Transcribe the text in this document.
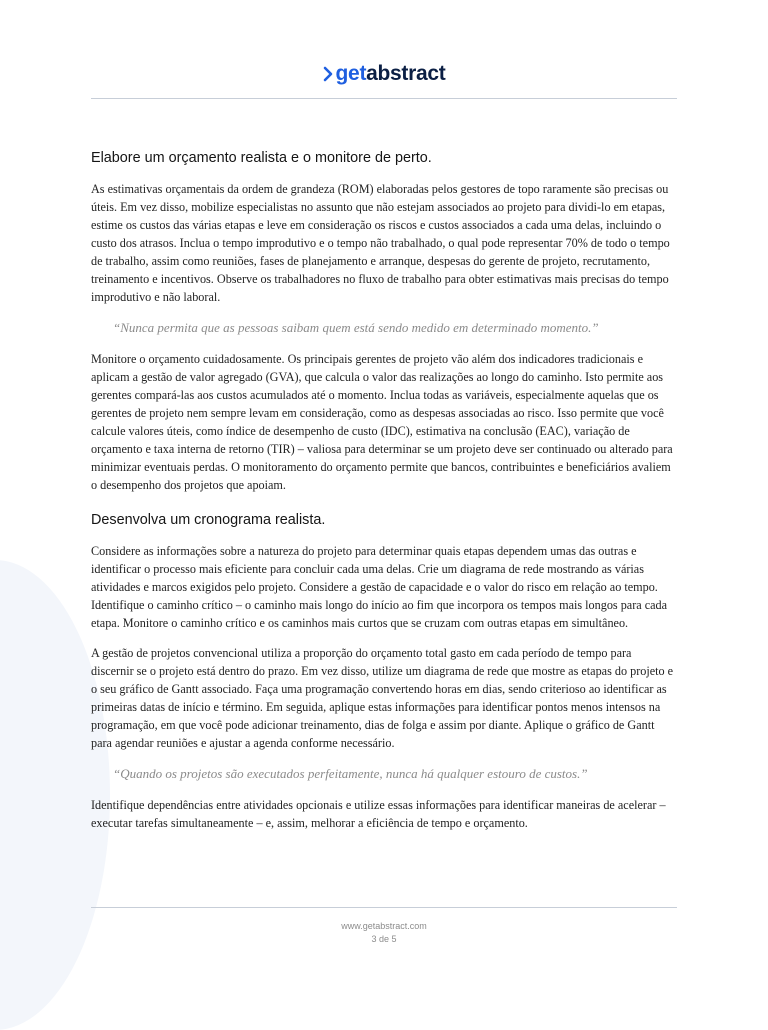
get abstract
Elabore um orçamento realista e o monitore de perto.

As estimativas orçamentais da ordem de grandeza (ROM) elaboradas pelos gestores de topo raramente são precisas ou úteis. Em vez disso, mobilize especialistas no assunto que não estejam associados ao projeto para dividi-lo em etapas, estime os custos das várias etapas e leve em consideração os riscos e custos associados a cada uma delas, incluindo o custo dos atrasos. Inclua o tempo improdutivo e o tempo não trabalhado, o qual pode representar 70% de todo o tempo de trabalho, assim como reuniões, fases de planejamento e arranque, despesas do gerente de projeto, recrutamento, treinamento e incentivos. Observe os trabalhadores no fluxo de trabalho para obter estimativas mais precisas do tempo improdutivo e não laboral.

“Nunca permita que as pessoas saibam quem está sendo medido em determinado momento.”

Monitore o orçamento cuidadosamente. Os principais gerentes de projeto vão além dos indicadores tradicionais e aplicam a gestão de valor agregado (GVA), que calcula o valor das realizações ao longo do caminho. Isto permite aos gerentes compará-las aos custos acumulados até o momento. Inclua todas as variáveis, especialmente aquelas que os gerentes de projeto nem sempre levam em consideração, como as despesas associadas ao risco. Isso permite que você calcule valores úteis, como índice de desempenho de custo (IDC), estimativa na conclusão (EAC), variação de orçamento e taxa interna de retorno (TIR) – valiosa para determinar se um projeto deve ser continuado ou alterado para minimizar eventuais perdas. O monitoramento do orçamento permite que bancos, contribuintes e beneficiários avaliem o desempenho dos projetos que apoiam.

Desenvolva um cronograma realista.

Considere as informações sobre a natureza do projeto para determinar quais etapas dependem umas das outras e identificar o processo mais eficiente para concluir cada uma delas. Crie um diagrama de rede mostrando as várias atividades e marcos exigidos pelo projeto. Considere a gestão de capacidade e o valor do risco em relação ao tempo. Identifique o caminho crítico – o caminho mais longo do início ao fim que incorpora os tempos mais longos para cada etapa. Monitore o caminho crítico e os caminhos mais curtos que se cruzam com outras etapas em simultâneo.

A gestão de projetos convencional utiliza a proporção do orçamento total gasto em cada período de tempo para discernir se o projeto está dentro do prazo. Em vez disso, utilize um diagrama de rede que mostre as etapas do projeto e o seu gráfico de Gantt associado. Faça uma programação convertendo horas em dias, sendo criterioso ao identificar as primeiras datas de início e término. Em seguida, aplique estas informações para identificar pontos menos intensos na programação, em que você pode adicionar treinamento, dias de folga e assim por diante. Aplique o gráfico de Gantt para agendar reuniões e ajustar a agenda conforme necessário.

“Quando os projetos são executados perfeitamente, nunca há qualquer estouro de custos.”

Identifique dependências entre atividades opcionais e utilize essas informações para identificar maneiras de acelerar – executar tarefas simultaneamente – e, assim, melhorar a eficiência de tempo e orçamento.

www.getabstract.com
3 de 5
